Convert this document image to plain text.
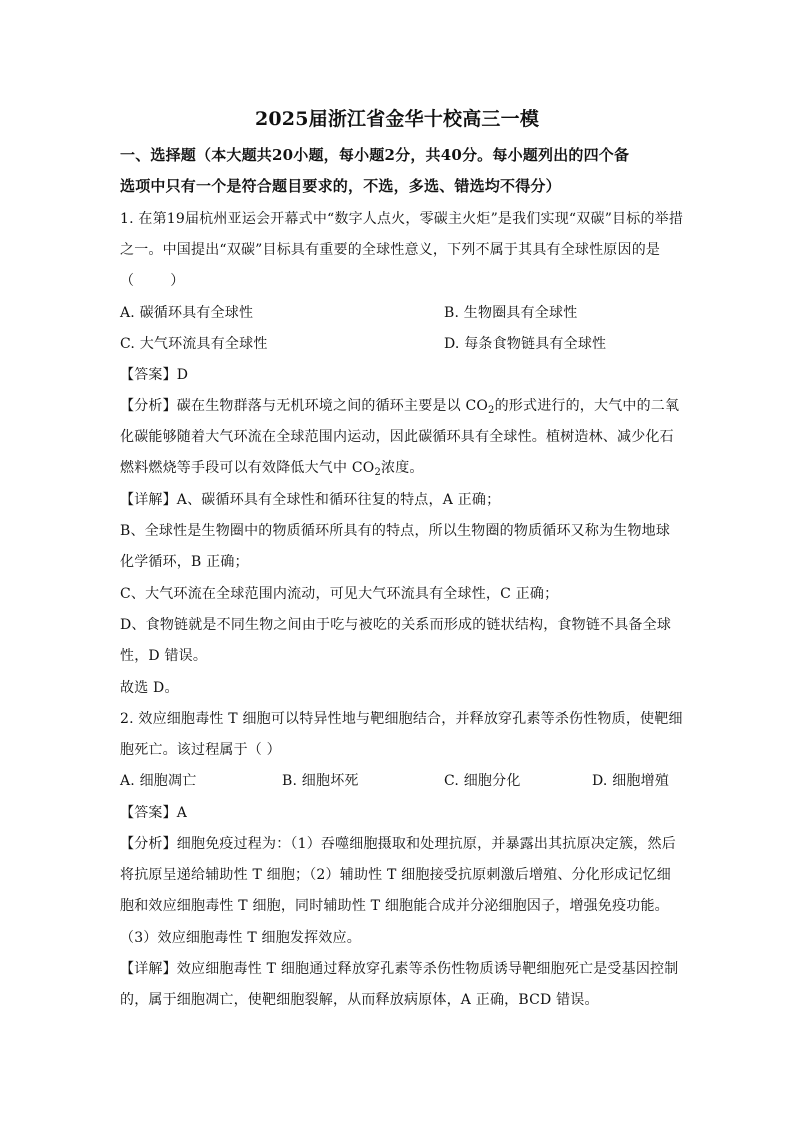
2025届浙江省金华十校高三一模
一、选择题（本大题共20小题，每小题2分，共40分。每小题列出的四个备
选项中只有一个是符合题目要求的，不选，多选、错选均不得分）
1. 在第19届杭州亚运会开幕式中“数字人点火，零碳主火炬”是我们实现“双碳”目标的举措
之一。中国提出“双碳”目标具有重要的全球性意义，下列不属于其具有全球性原因的是
（	）
A. 碳循环具有全球性	B. 生物圈具有全球性
C. 大气环流具有全球性	D. 每条食物链具有全球性
【答案】D
【分析】碳在生物群落与无机环境之间的循环主要是以 $CO_2$的形式进行的，大气中的二氧
化碳能够随着大气环流在全球范围内运动，因此碳循环具有全球性。植树造林、减少化石
燃料燃烧等手段可以有效降低大气中 $CO_2$浓度。
【详解】A、碳循环具有全球性和循环往复的特点，A 正确；
B、全球性是生物圈中的物质循环所具有的特点，所以生物圈的物质循环又称为生物地球
化学循环，B 正确；
C、大气环流在全球范围内流动，可见大气环流具有全球性，C 正确；
D、食物链就是不同生物之间由于吃与被吃的关系而形成的链状结构，食物链不具备全球
性，D 错误。
故选 D。
2. 效应细胞毒性 T 细胞可以特异性地与靶细胞结合，并释放穿孔素等杀伤性物质，使靶细
胞死亡。该过程属于（ ）
A. 细胞凋亡	B. 细胞坏死	C. 细胞分化	D. 细胞增殖
【答案】A
【分析】细胞免疫过程为：（1）吞噬细胞摄取和处理抗原，并暴露出其抗原决定簇，然后
将抗原呈递给辅助性 T 细胞；（2）辅助性 T 细胞接受抗原刺激后增殖、分化形成记忆细
胞和效应细胞毒性 T 细胞，同时辅助性 T 细胞能合成并分泌细胞因子，增强免疫功能。
（3）效应细胞毒性 T 细胞发挥效应。
【详解】效应细胞毒性 T 细胞通过释放穿孔素等杀伤性物质诱导靶细胞死亡是受基因控制
的，属于细胞凋亡，使靶细胞裂解，从而释放病原体，A 正确，BCD 错误。
